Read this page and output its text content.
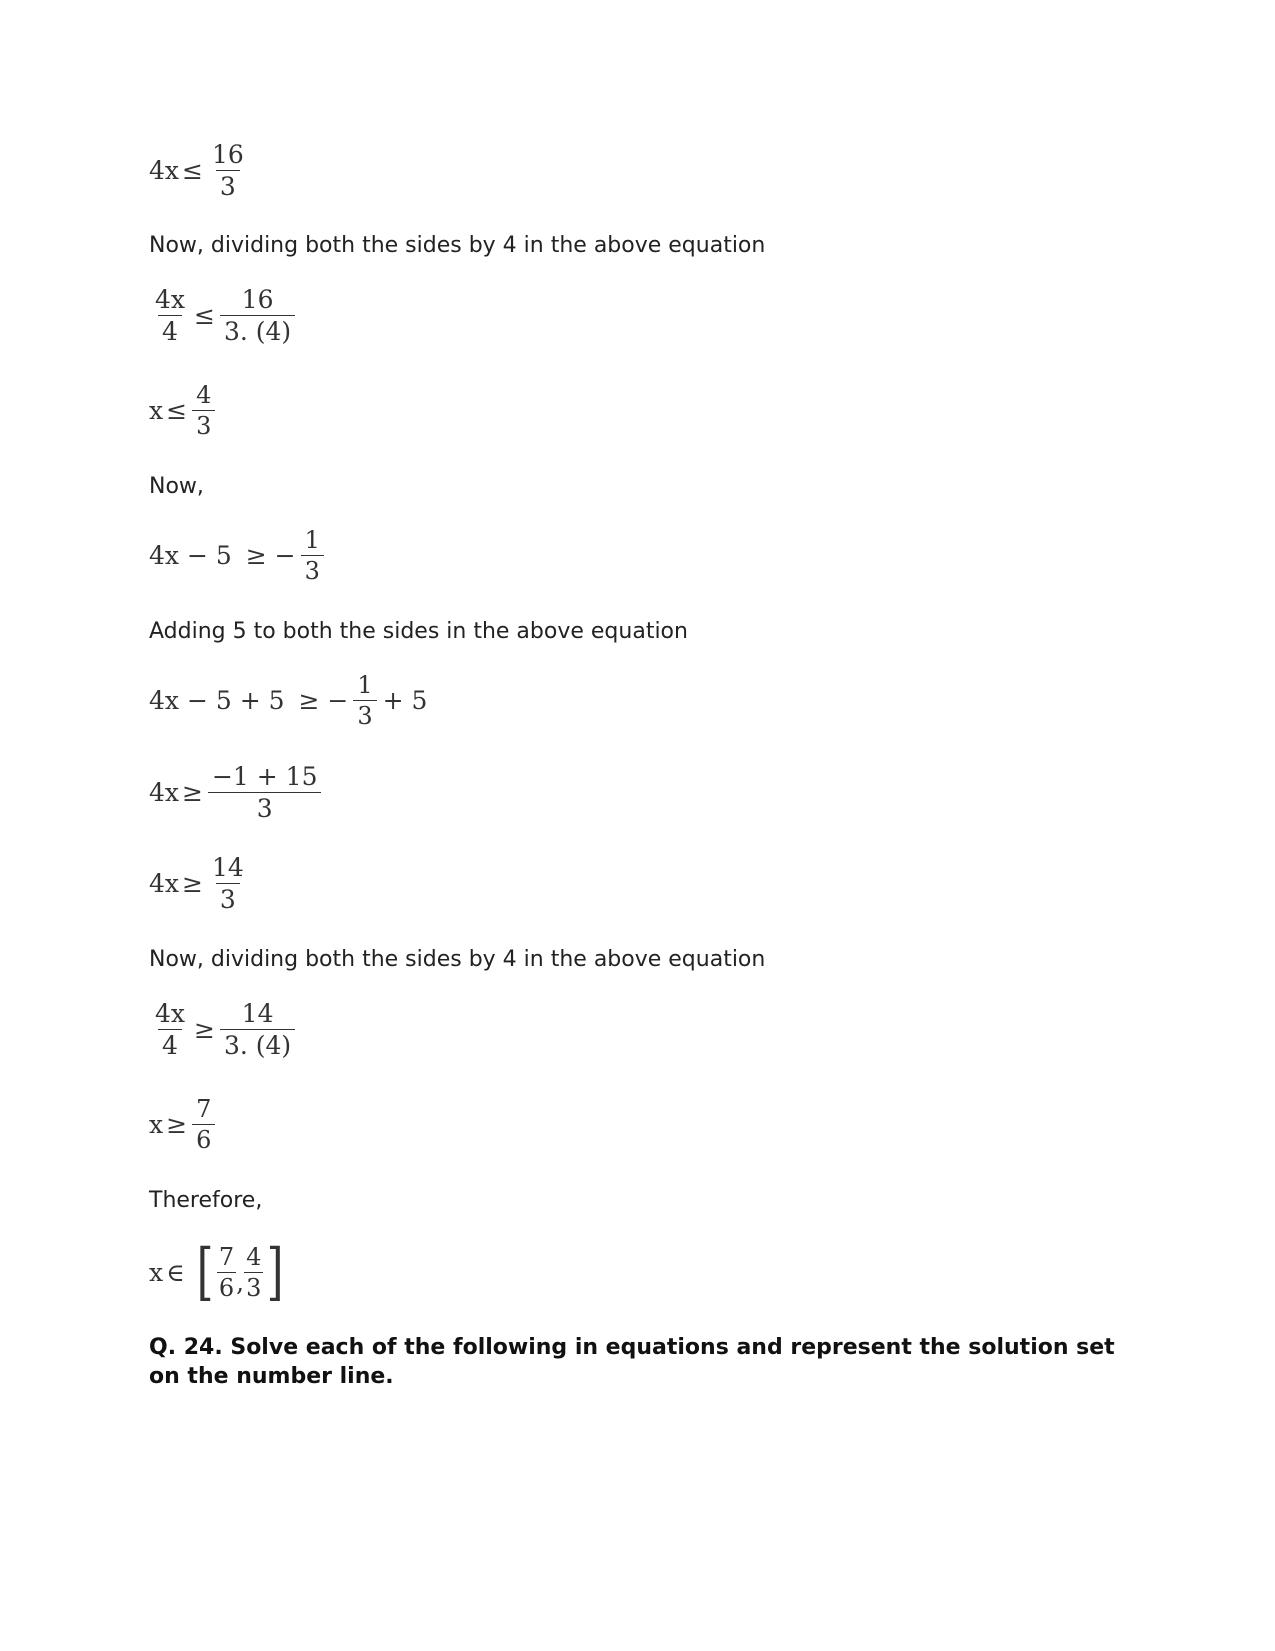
$4x \le \frac{16}{3}$
Now, dividing both the sides by 4 in the above equation
$\frac{4x}{4} \le \frac{16}{3. (4)}$
$x \le \frac{4}{3}$
Now,
4x − 5 ≥ − $\frac{1}{3}$
Adding 5 to both the sides in the above equation
4x − 5 + 5 ≥ − $\frac{1}{3} + 5$
$4x \ge \frac{-1 + 15}{3}$
$4x \ge \frac{14}{3}$
Now, dividing both the sides by 4 in the above equation
$\frac{4x}{4} \ge \frac{14}{3. (4)}$
$x \ge \frac{7}{6}$
Therefore,
x ∈ [ $\frac{7}{6}$ , $\frac{4}{3}$ ]
Q. 24. Solve each of the following in equations and represent the solution set on the number line.
